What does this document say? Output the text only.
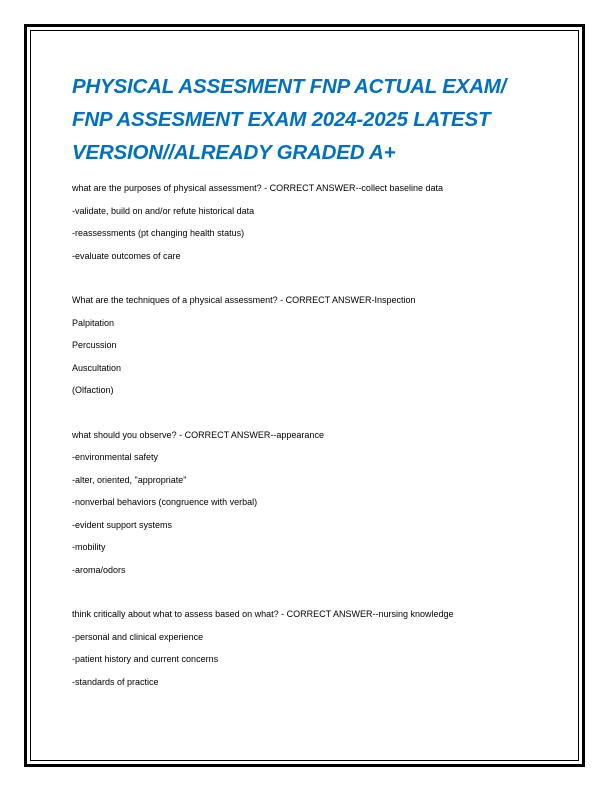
PHYSICAL ASSESMENT FNP ACTUAL EXAM/
FNP ASSESMENT EXAM 2024-2025 LATEST
VERSION//ALREADY GRADED A+
what are the purposes of physical assessment? - CORRECT ANSWER--collect baseline data
-validate, build on and/or refute historical data
-reassessments (pt changing health status)
-evaluate outcomes of care
What are the techniques of a physical assessment? - CORRECT ANSWER-Inspection
Palpitation
Percussion
Auscultation
(Olfaction)
what should you observe? - CORRECT ANSWER--appearance
-environmental safety
-alter, oriented, "appropriate"
-nonverbal behaviors (congruence with verbal)
-evident support systems
-mobility
-aroma/odors
think critically about what to assess based on what? - CORRECT ANSWER--nursing knowledge
-personal and clinical experience
-patient history and current concerns
-standards of practice
